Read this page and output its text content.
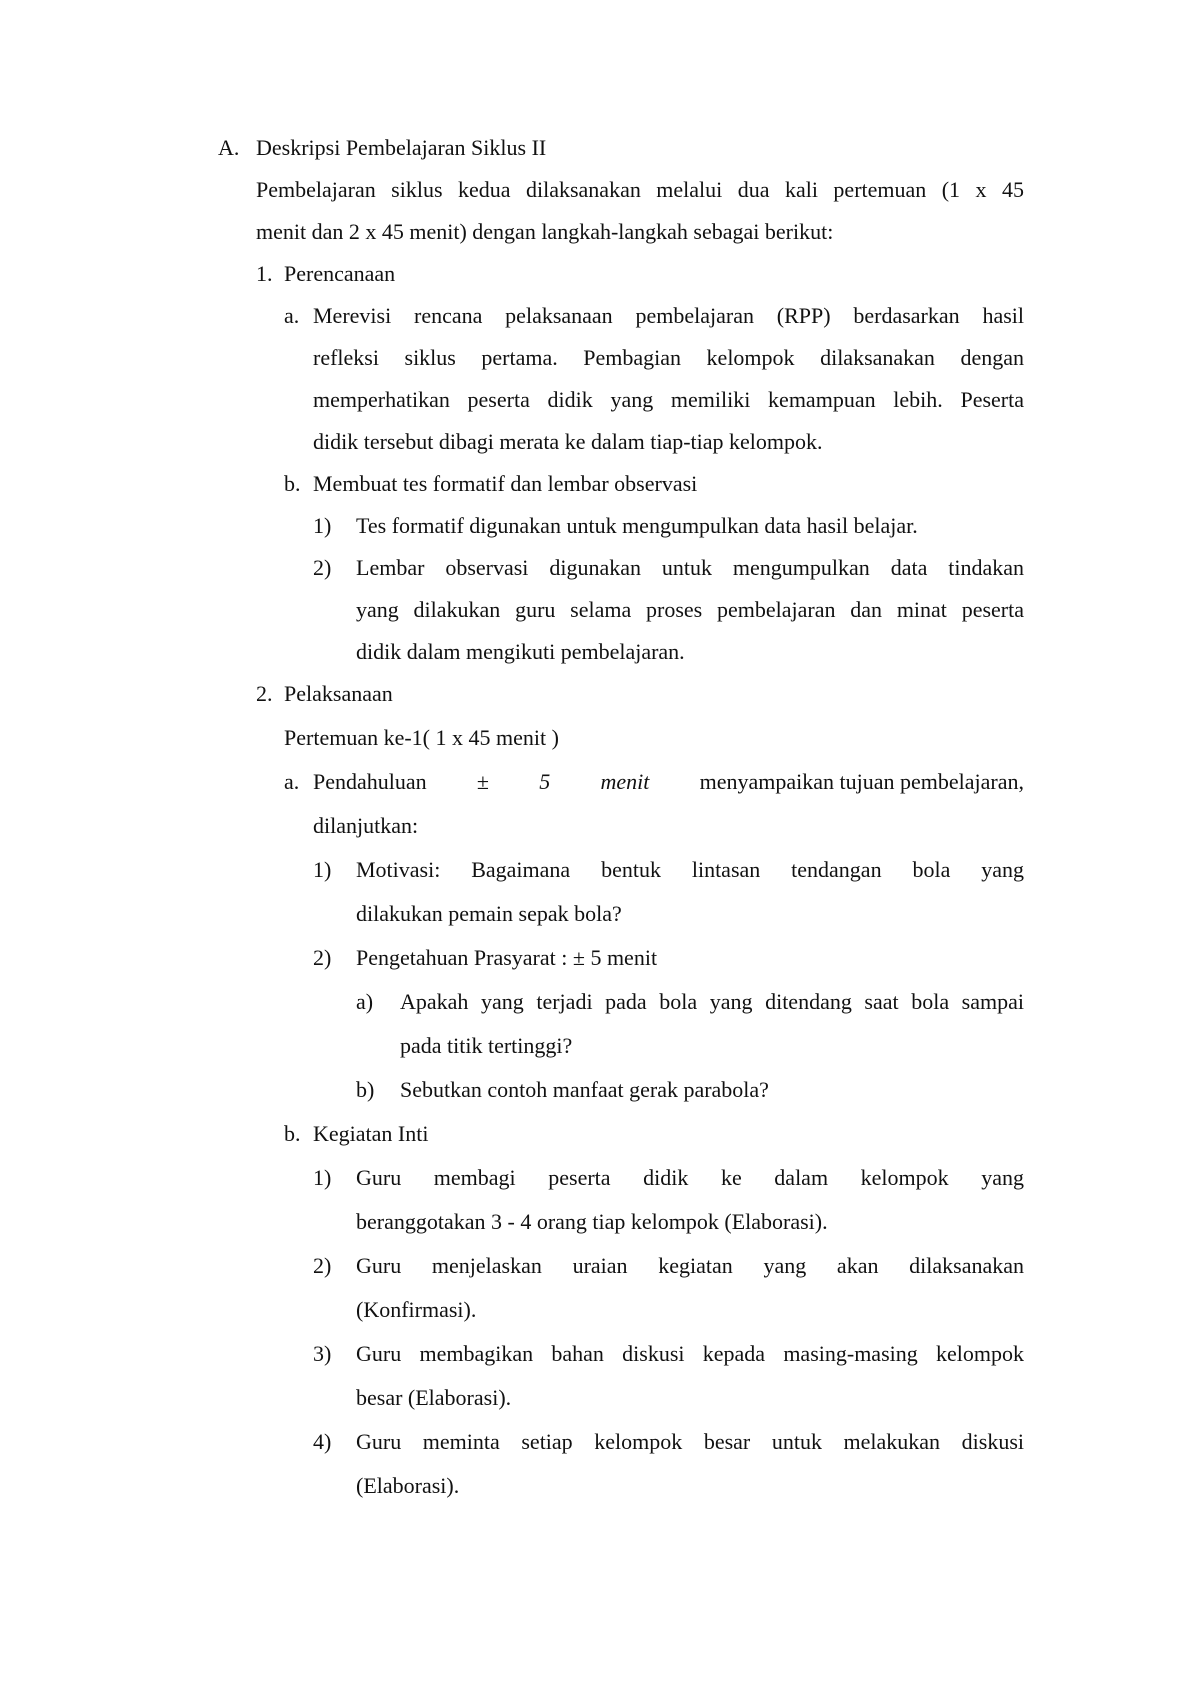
A. Deskripsi Pembelajaran Siklus II
Pembelajaran siklus kedua dilaksanakan melalui dua kali pertemuan (1 x 45
menit dan 2 x 45 menit) dengan langkah-langkah sebagai berikut:
1. Perencanaan
a. Merevisi rencana pelaksanaan pembelajaran (RPP) berdasarkan hasil
refleksi siklus pertama. Pembagian kelompok dilaksanakan dengan
memperhatikan peserta didik yang memiliki kemampuan lebih. Peserta
didik tersebut dibagi merata ke dalam tiap-tiap kelompok.
b. Membuat tes formatif dan lembar observasi
1) Tes formatif digunakan untuk mengumpulkan data hasil belajar.
2) Lembar observasi digunakan untuk mengumpulkan data tindakan
yang dilakukan guru selama proses pembelajaran dan minat peserta
didik dalam mengikuti pembelajaran.
2. Pelaksanaan
Pertemuan ke-1( 1 x 45 menit )
a. Pendahuluan ± 5 menit menyampaikan tujuan pembelajaran,
dilanjutkan:
1) Motivasi: Bagaimana bentuk lintasan tendangan bola yang
dilakukan pemain sepak bola?
2) Pengetahuan Prasyarat : ± 5 menit
a) Apakah yang terjadi pada bola yang ditendang saat bola sampai
pada titik tertinggi?
b) Sebutkan contoh manfaat gerak parabola?
b. Kegiatan Inti
1) Guru membagi peserta didik ke dalam kelompok yang
beranggotakan 3 - 4 orang tiap kelompok (Elaborasi).
2) Guru menjelaskan uraian kegiatan yang akan dilaksanakan
(Konfirmasi).
3) Guru membagikan bahan diskusi kepada masing-masing kelompok
besar (Elaborasi).
4) Guru meminta setiap kelompok besar untuk melakukan diskusi
(Elaborasi).
